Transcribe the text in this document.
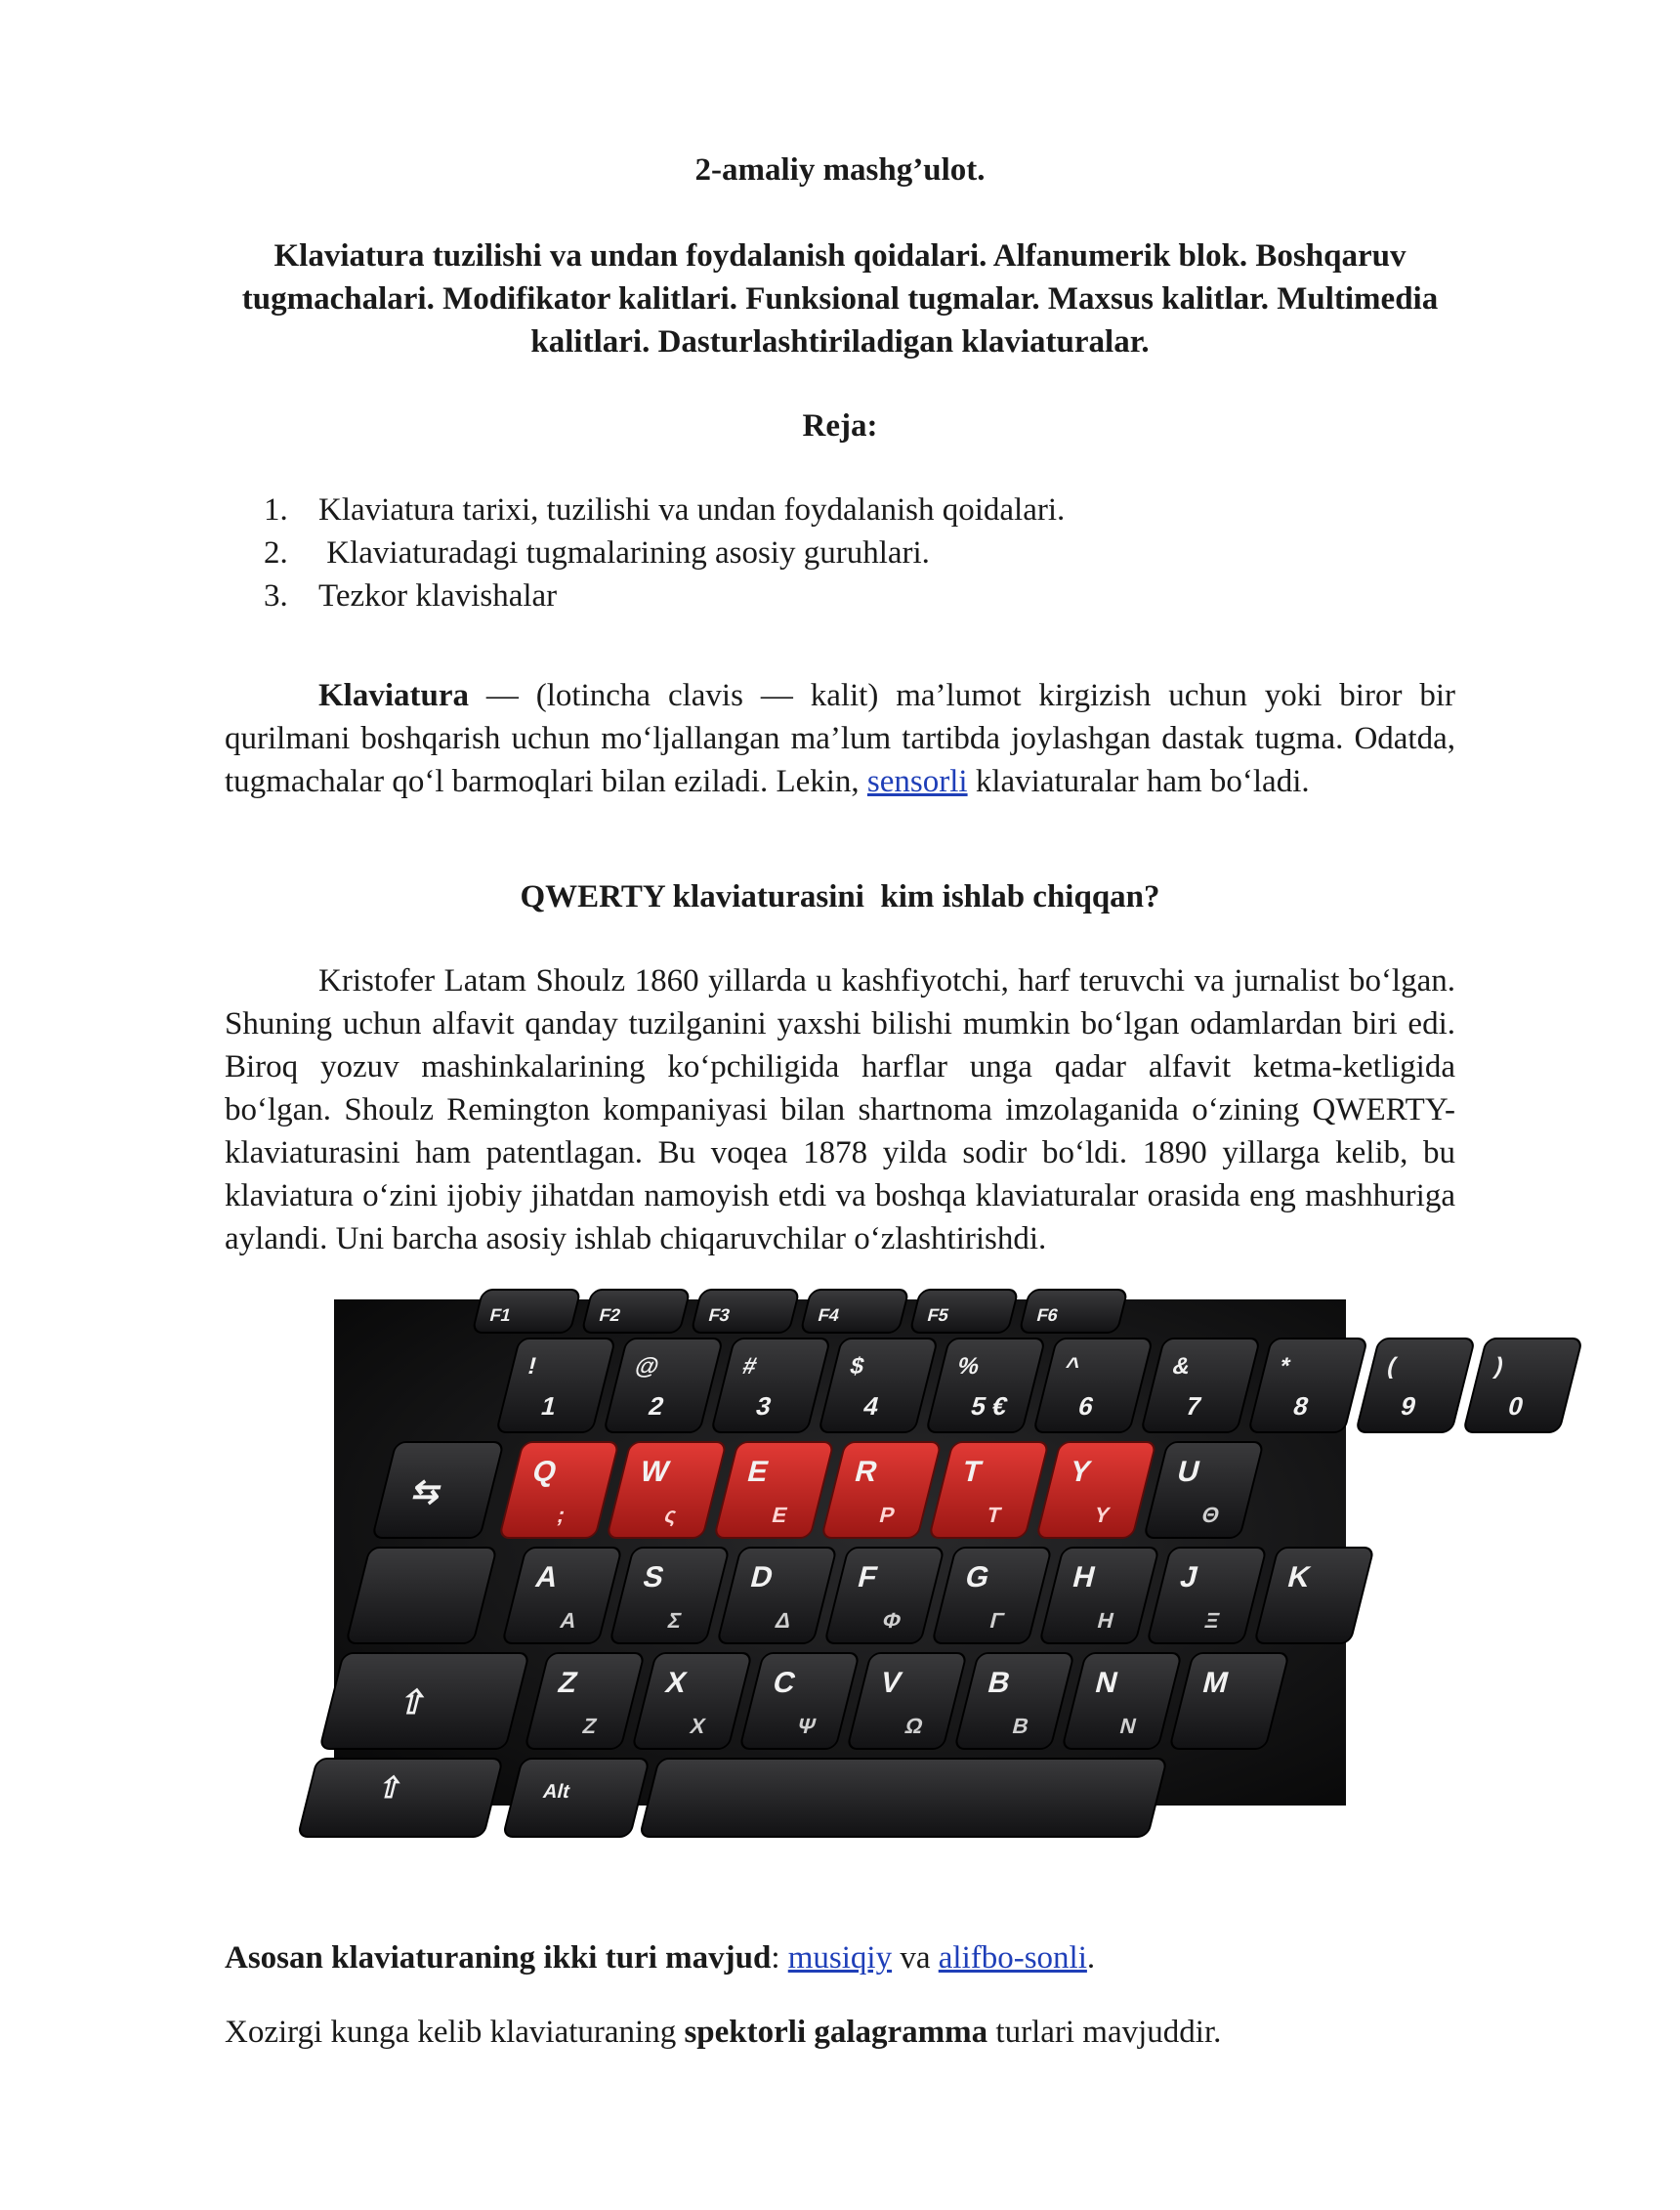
2-amaliy mashg’ulot.
Klaviatura tuzilishi va undan foydalanish qoidalari. Alfanumerik blok. Boshqaruv tugmachalari. Modifikator kalitlari. Funksional tugmalar. Maxsus kalitlar. Multimedia kalitlari. Dasturlashtiriladigan klaviaturalar.
Reja:
1. Klaviatura tarixi, tuzilishi va undan foydalanish qoidalari.
2. Klaviaturadagi tugmalarining asosiy guruhlari.
3. Tezkor klavishalar

Klaviatura — (lotincha clavis — kalit) ma’lumot kirgizish uchun yoki biror bir qurilmani boshqarish uchun mo‘ljallangan ma’lum tartibda joylashgan dastak tugma. Odatda, tugmachalar qo‘l barmoqlari bilan eziladi. Lekin, sensorli klaviaturalar ham bo‘ladi.

QWERTY klaviaturasini  kim ishlab chiqqan?

Kristofer Latam Shoulz 1860 yillarda u kashfiyotchi, harf teruvchi va jurnalist bo‘lgan. Shuning uchun alfavit qanday tuzilganini yaxshi bilishi mumkin bo‘lgan odamlardan biri edi. Biroq yozuv mashinkalarining ko‘pchiligida harflar unga qadar alfavit ketma-ketligida bo‘lgan. Shoulz Remington kompaniyasi bilan shartnoma imzolaganida o‘zining QWERTY-klaviaturasini ham patentlagan. Bu voqea 1878 yilda sodir bo‘ldi. 1890 yillarga kelib, bu klaviatura o‘zini ijobiy jihatdan namoyish etdi va boshqa klaviaturalar orasida eng mashhuriga aylandi. Uni barcha asosiy ishlab chiqaruvchilar o‘zlashtirishdi.

F1	F2	F3	F4	F5	F6
!
1
@
2
#
3
$
4
%
5 €
^
6
&
7
*
8
(
9
)
0
⇆
Q
;
W
ς
E
Ε
R
Ρ
T
Τ
Y
Υ
U
Θ
A
Α
S
Σ
D
Δ
F
Φ
G
Γ
H
Η
J
Ξ
K
⇧
Z
Ζ
X
Χ
C
Ψ
V
Ω
B
Β
N
Ν
M
⇧	Alt

Asosan klaviaturaning ikki turi mavjud: musiqiy va alifbo-sonli.

Xozirgi kunga kelib klaviaturaning spektorli galagramma turlari mavjuddir.
